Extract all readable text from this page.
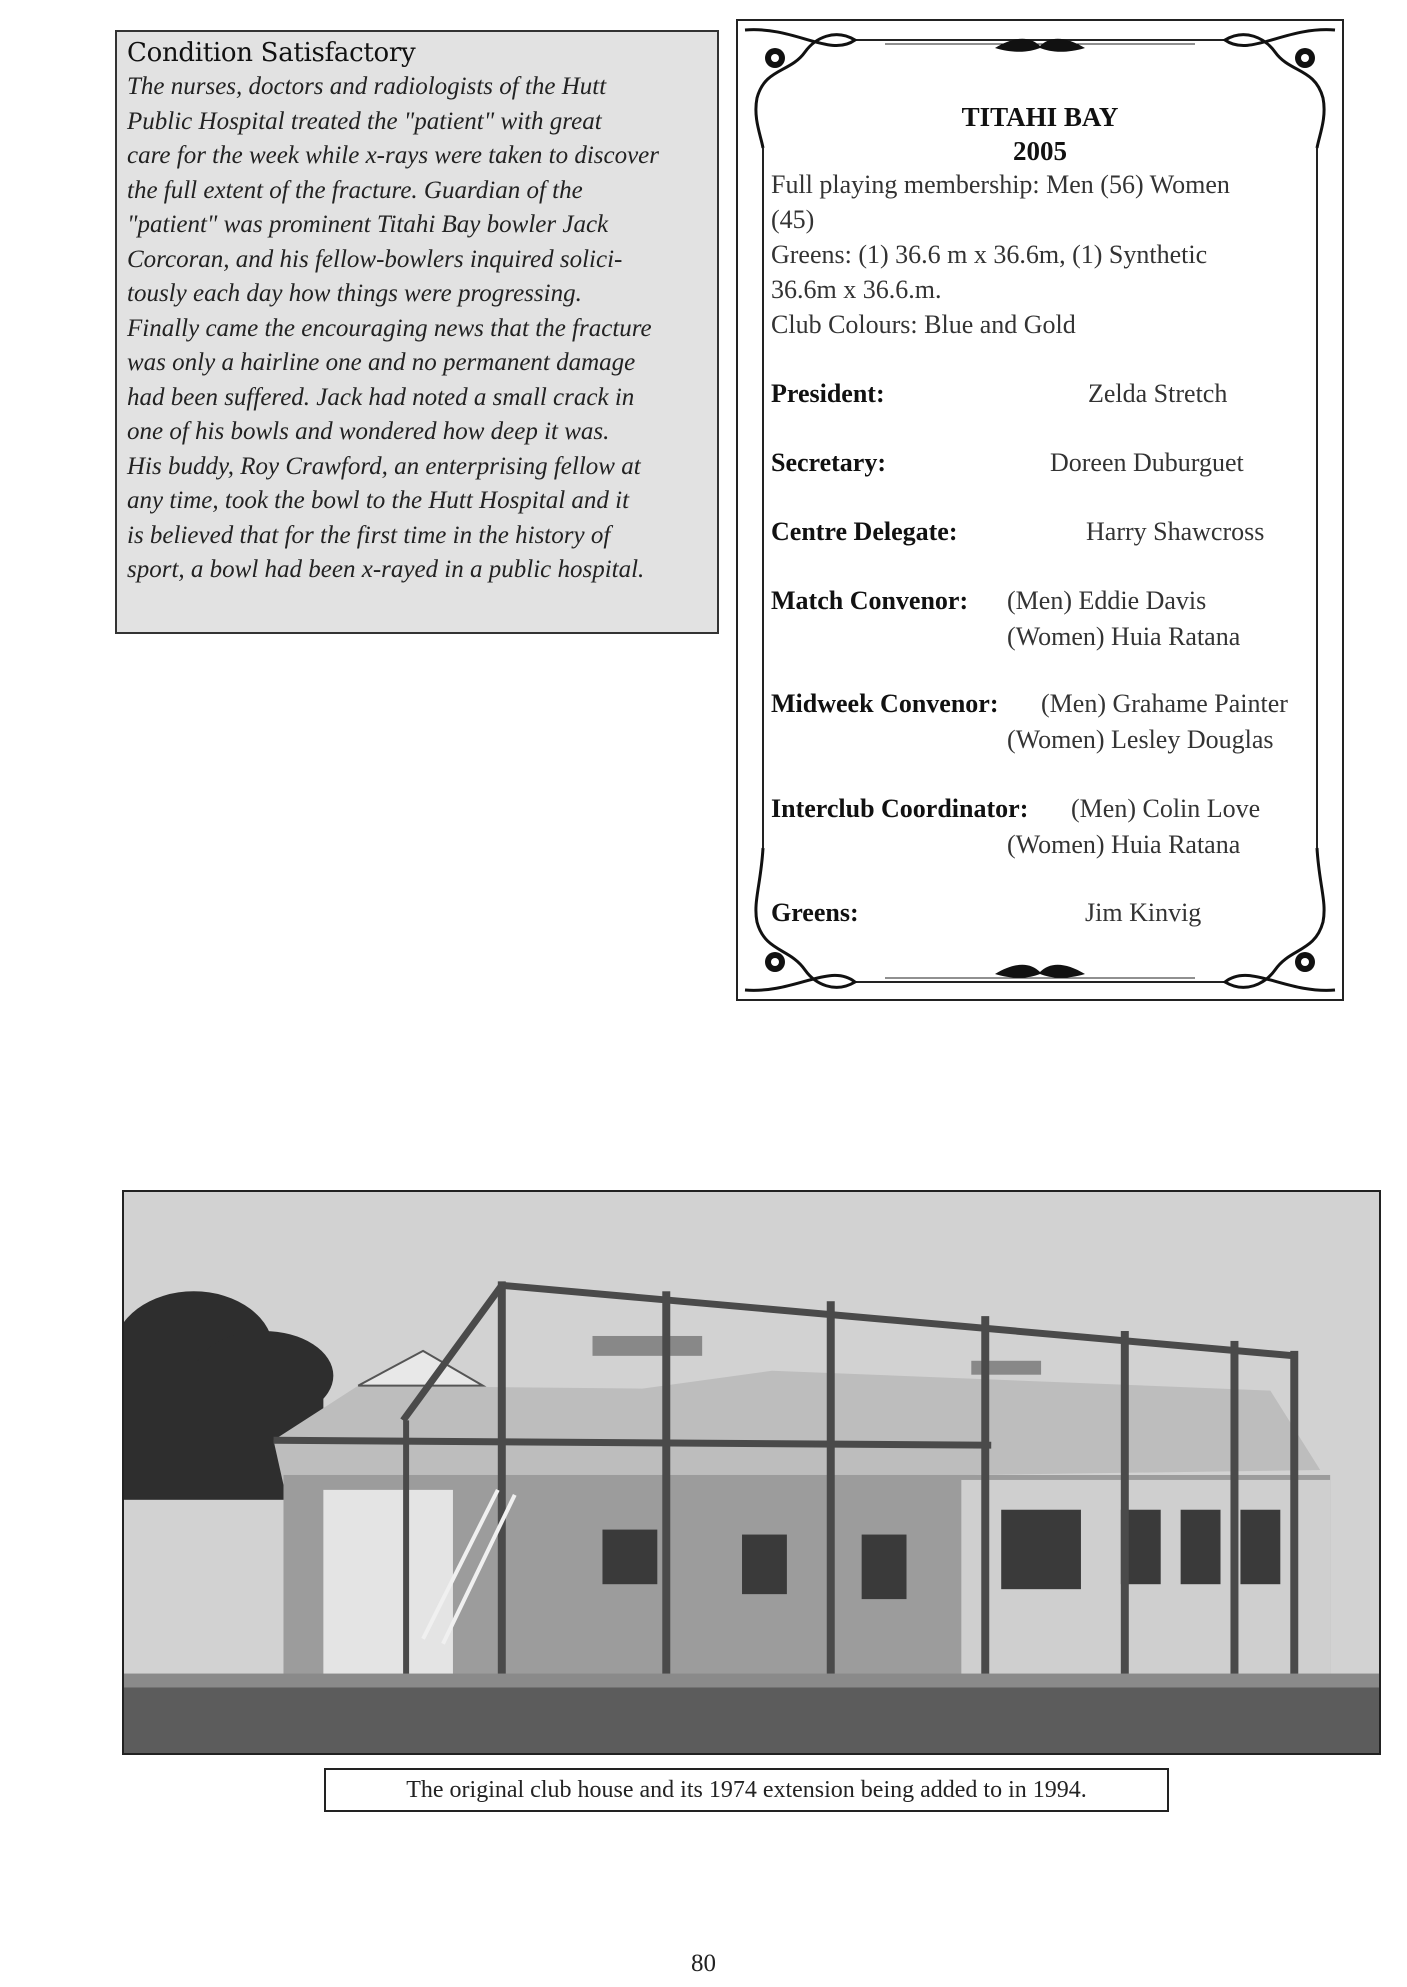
Condition Satisfactory
The nurses, doctors and radiologists of the Hutt
Public Hospital treated the "patient" with great
care for the week while x-rays were taken to discover
the full extent of the fracture. Guardian of the
"patient" was prominent Titahi Bay bowler Jack
Corcoran, and his fellow-bowlers inquired solici-
tously each day how things were progressing.
Finally came the encouraging news that the fracture
was only a hairline one and no permanent damage
had been suffered. Jack had noted a small crack in
one of his bowls and wondered how deep it was.
His buddy, Roy Crawford, an enterprising fellow at
any time, took the bowl to the Hutt Hospital and it
is believed that for the first time in the history of
sport, a bowl had been x-rayed in a public hospital.
TITAHI BAY
2005
Full playing membership: Men (56) Women
(45)
Greens: (1) 36.6 m x 36.6m, (1) Synthetic
36.6m x 36.6.m.
Club Colours: Blue and Gold
President:	Zelda Stretch
Secretary:	Doreen Duburguet
Centre Delegate:	Harry Shawcross
Match Convenor: (Men) Eddie Davis
(Women) Huia Ratana
Midweek Convenor: (Men) Grahame Painter
(Women) Lesley Douglas
Interclub Coordinator: (Men) Colin Love
(Women) Huia Ratana
Greens:	Jim Kinvig
The original club house and its 1974 extension being added to in 1994.
80
